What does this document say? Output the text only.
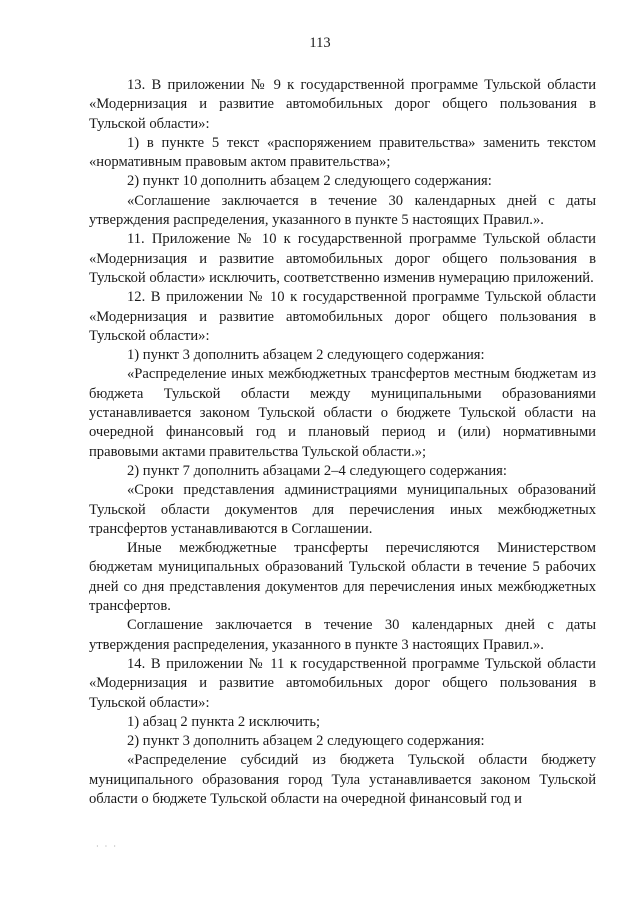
113

13. В приложении № 9 к государственной программе Тульской области «Модернизация и развитие автомобильных дорог общего пользования в Тульской области»:

1) в пункте 5 текст «распоряжением правительства» заменить текстом «нормативным правовым актом правительства»;

2) пункт 10 дополнить абзацем 2 следующего содержания:

«Соглашение заключается в течение 30 календарных дней с даты утверждения распределения, указанного в пункте 5 настоящих Правил.».

11. Приложение № 10 к государственной программе Тульской области «Модернизация и развитие автомобильных дорог общего пользования в Тульской области» исключить, соответственно изменив нумерацию приложений.

12. В приложении № 10 к государственной программе Тульской области «Модернизация и развитие автомобильных дорог общего пользования в Тульской области»:

1) пункт 3 дополнить абзацем 2 следующего содержания:

«Распределение иных межбюджетных трансфертов местным бюджетам из бюджета Тульской области между муниципальными образованиями устанавливается законом Тульской области о бюджете Тульской области на очередной финансовый год и плановый период и (или) нормативными правовыми актами правительства Тульской области.»;

2) пункт 7 дополнить абзацами 2–4 следующего содержания:

«Сроки представления администрациями муниципальных образований Тульской области документов для перечисления иных межбюджетных трансфертов устанавливаются в Соглашении.

Иные межбюджетные трансферты перечисляются Министерством бюджетам муниципальных образований Тульской области в течение 5 рабочих дней со дня представления документов для перечисления иных межбюджетных трансфертов.

Соглашение заключается в течение 30 календарных дней с даты утверждения распределения, указанного в пункте 3 настоящих Правил.».

14. В приложении № 11 к государственной программе Тульской области «Модернизация и развитие автомобильных дорог общего пользования в Тульской области»:

1) абзац 2 пункта 2 исключить;

2) пункт 3 дополнить абзацем 2 следующего содержания:

«Распределение субсидий из бюджета Тульской области бюджету муниципального образования город Тула устанавливается законом Тульской области о бюджете Тульской области на очередной финансовый год и

· · ·
